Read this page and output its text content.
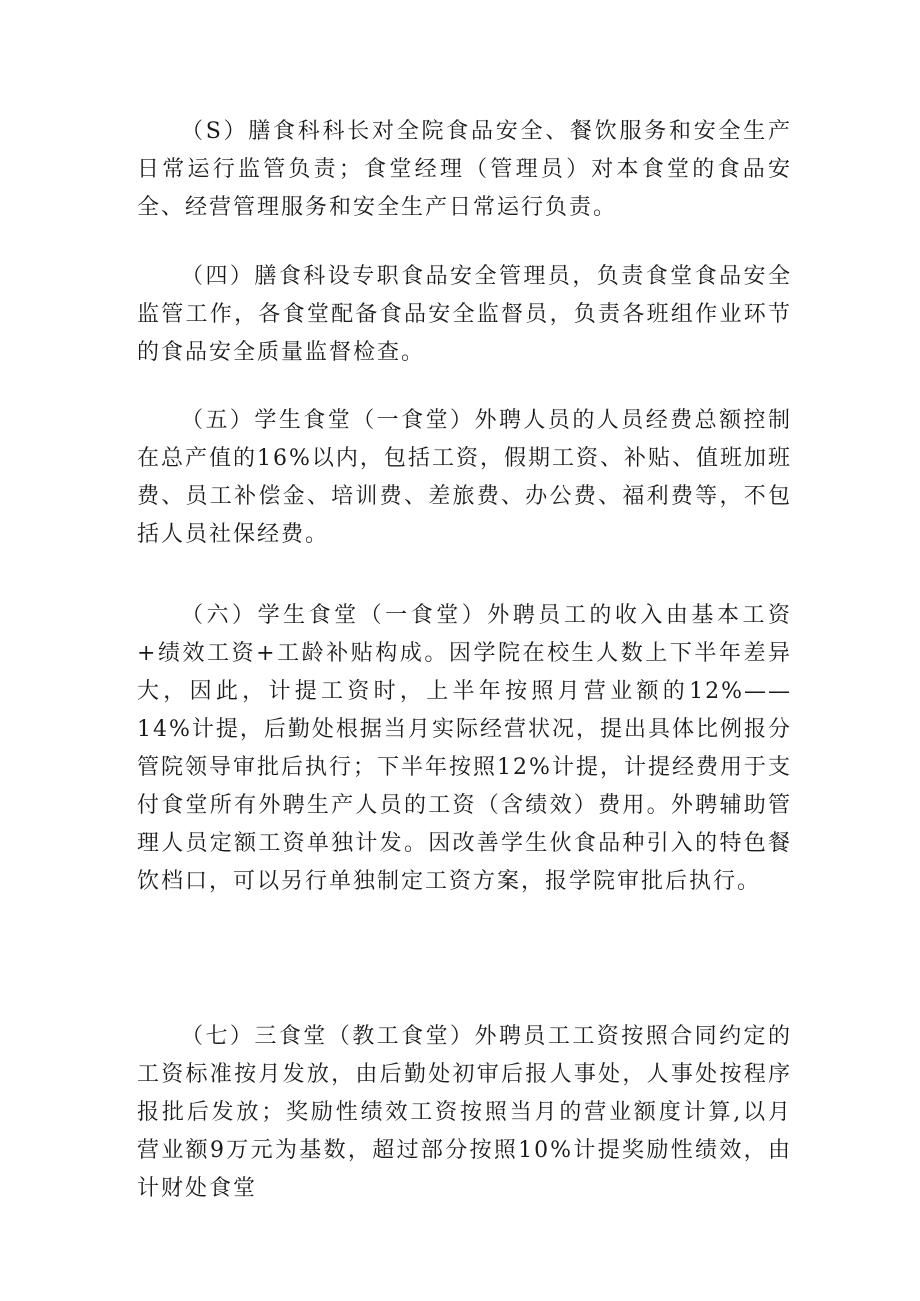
（S）膳食科科长对全院食品安全、餐饮服务和安全生产日常运行监管负责；食堂经理（管理员）对本食堂的食品安全、经营管理服务和安全生产日常运行负责。

（四）膳食科设专职食品安全管理员，负责食堂食品安全监管工作，各食堂配备食品安全监督员，负责各班组作业环节的食品安全质量监督检查。

（五）学生食堂（一食堂）外聘人员的人员经费总额控制在总产值的16%以内，包括工资，假期工资、补贴、值班加班费、员工补偿金、培训费、差旅费、办公费、福利费等，不包括人员社保经费。

（六）学生食堂（一食堂）外聘员工的收入由基本工资+绩效工资+工龄补贴构成。因学院在校生人数上下半年差异大，因此，计提工资时，上半年按照月营业额的12%——14%计提，后勤处根据当月实际经营状况，提出具体比例报分管院领导审批后执行；下半年按照12%计提，计提经费用于支付食堂所有外聘生产人员的工资（含绩效）费用。外聘辅助管理人员定额工资单独计发。因改善学生伙食品种引入的特色餐饮档口，可以另行单独制定工资方案，报学院审批后执行。

（七）三食堂（教工食堂）外聘员工工资按照合同约定的工资标准按月发放，由后勤处初审后报人事处，人事处按程序报批后发放；奖励性绩效工资按照当月的营业额度计算,以月营业额9万元为基数，超过部分按照10%计提奖励性绩效，由计财处食堂
